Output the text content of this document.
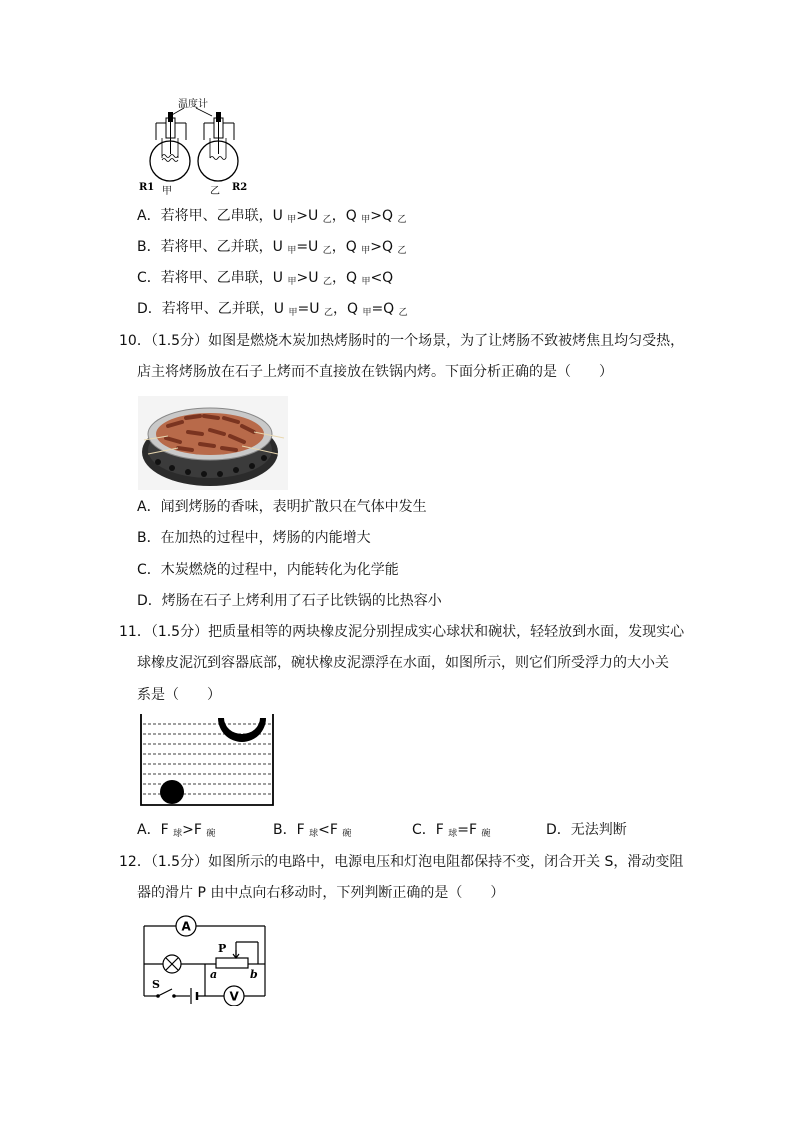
温度计
R1 甲	乙 R2
A．若将甲、乙串联，U $_甲$>U $_乙$，Q $_甲$>Q $_乙$
B．若将甲、乙并联，U $_甲$=U $_乙$，Q $_甲$>Q $_乙$
C．若将甲、乙串联，U $_甲$>U $_乙$，Q $_甲$<Q
D．若将甲、乙并联，U $_甲$=U $_乙$，Q $_甲$=Q $_乙$
10．（1.5分）如图是燃烧木炭加热烤肠时的一个场景，为了让烤肠不致被烤焦且均匀受热，
店主将烤肠放在石子上烤而不直接放在铁锅内烤。下面分析正确的是（　　）
A．闻到烤肠的香味，表明扩散只在气体中发生
B．在加热的过程中，烤肠的内能增大
C．木炭燃烧的过程中，内能转化为化学能
D．烤肠在石子上烤利用了石子比铁锅的比热容小
11．（1.5分）把质量相等的两块橡皮泥分别捏成实心球状和碗状，轻轻放到水面，发现实心
球橡皮泥沉到容器底部，碗状橡皮泥漂浮在水面，如图所示，则它们所受浮力的大小关
系是（　　）
A．F $_球$>F $_碗$	B．F $_球$<F $_碗$	C．F $_球$=F $_碗$	D．无法判断
12．（1.5分）如图所示的电路中，电源电压和灯泡电阻都保持不变，闭合开关 S，滑动变阻
器的滑片 P 由中点向右移动时，下列判断正确的是（　　）
A
P
a	b
S
V
